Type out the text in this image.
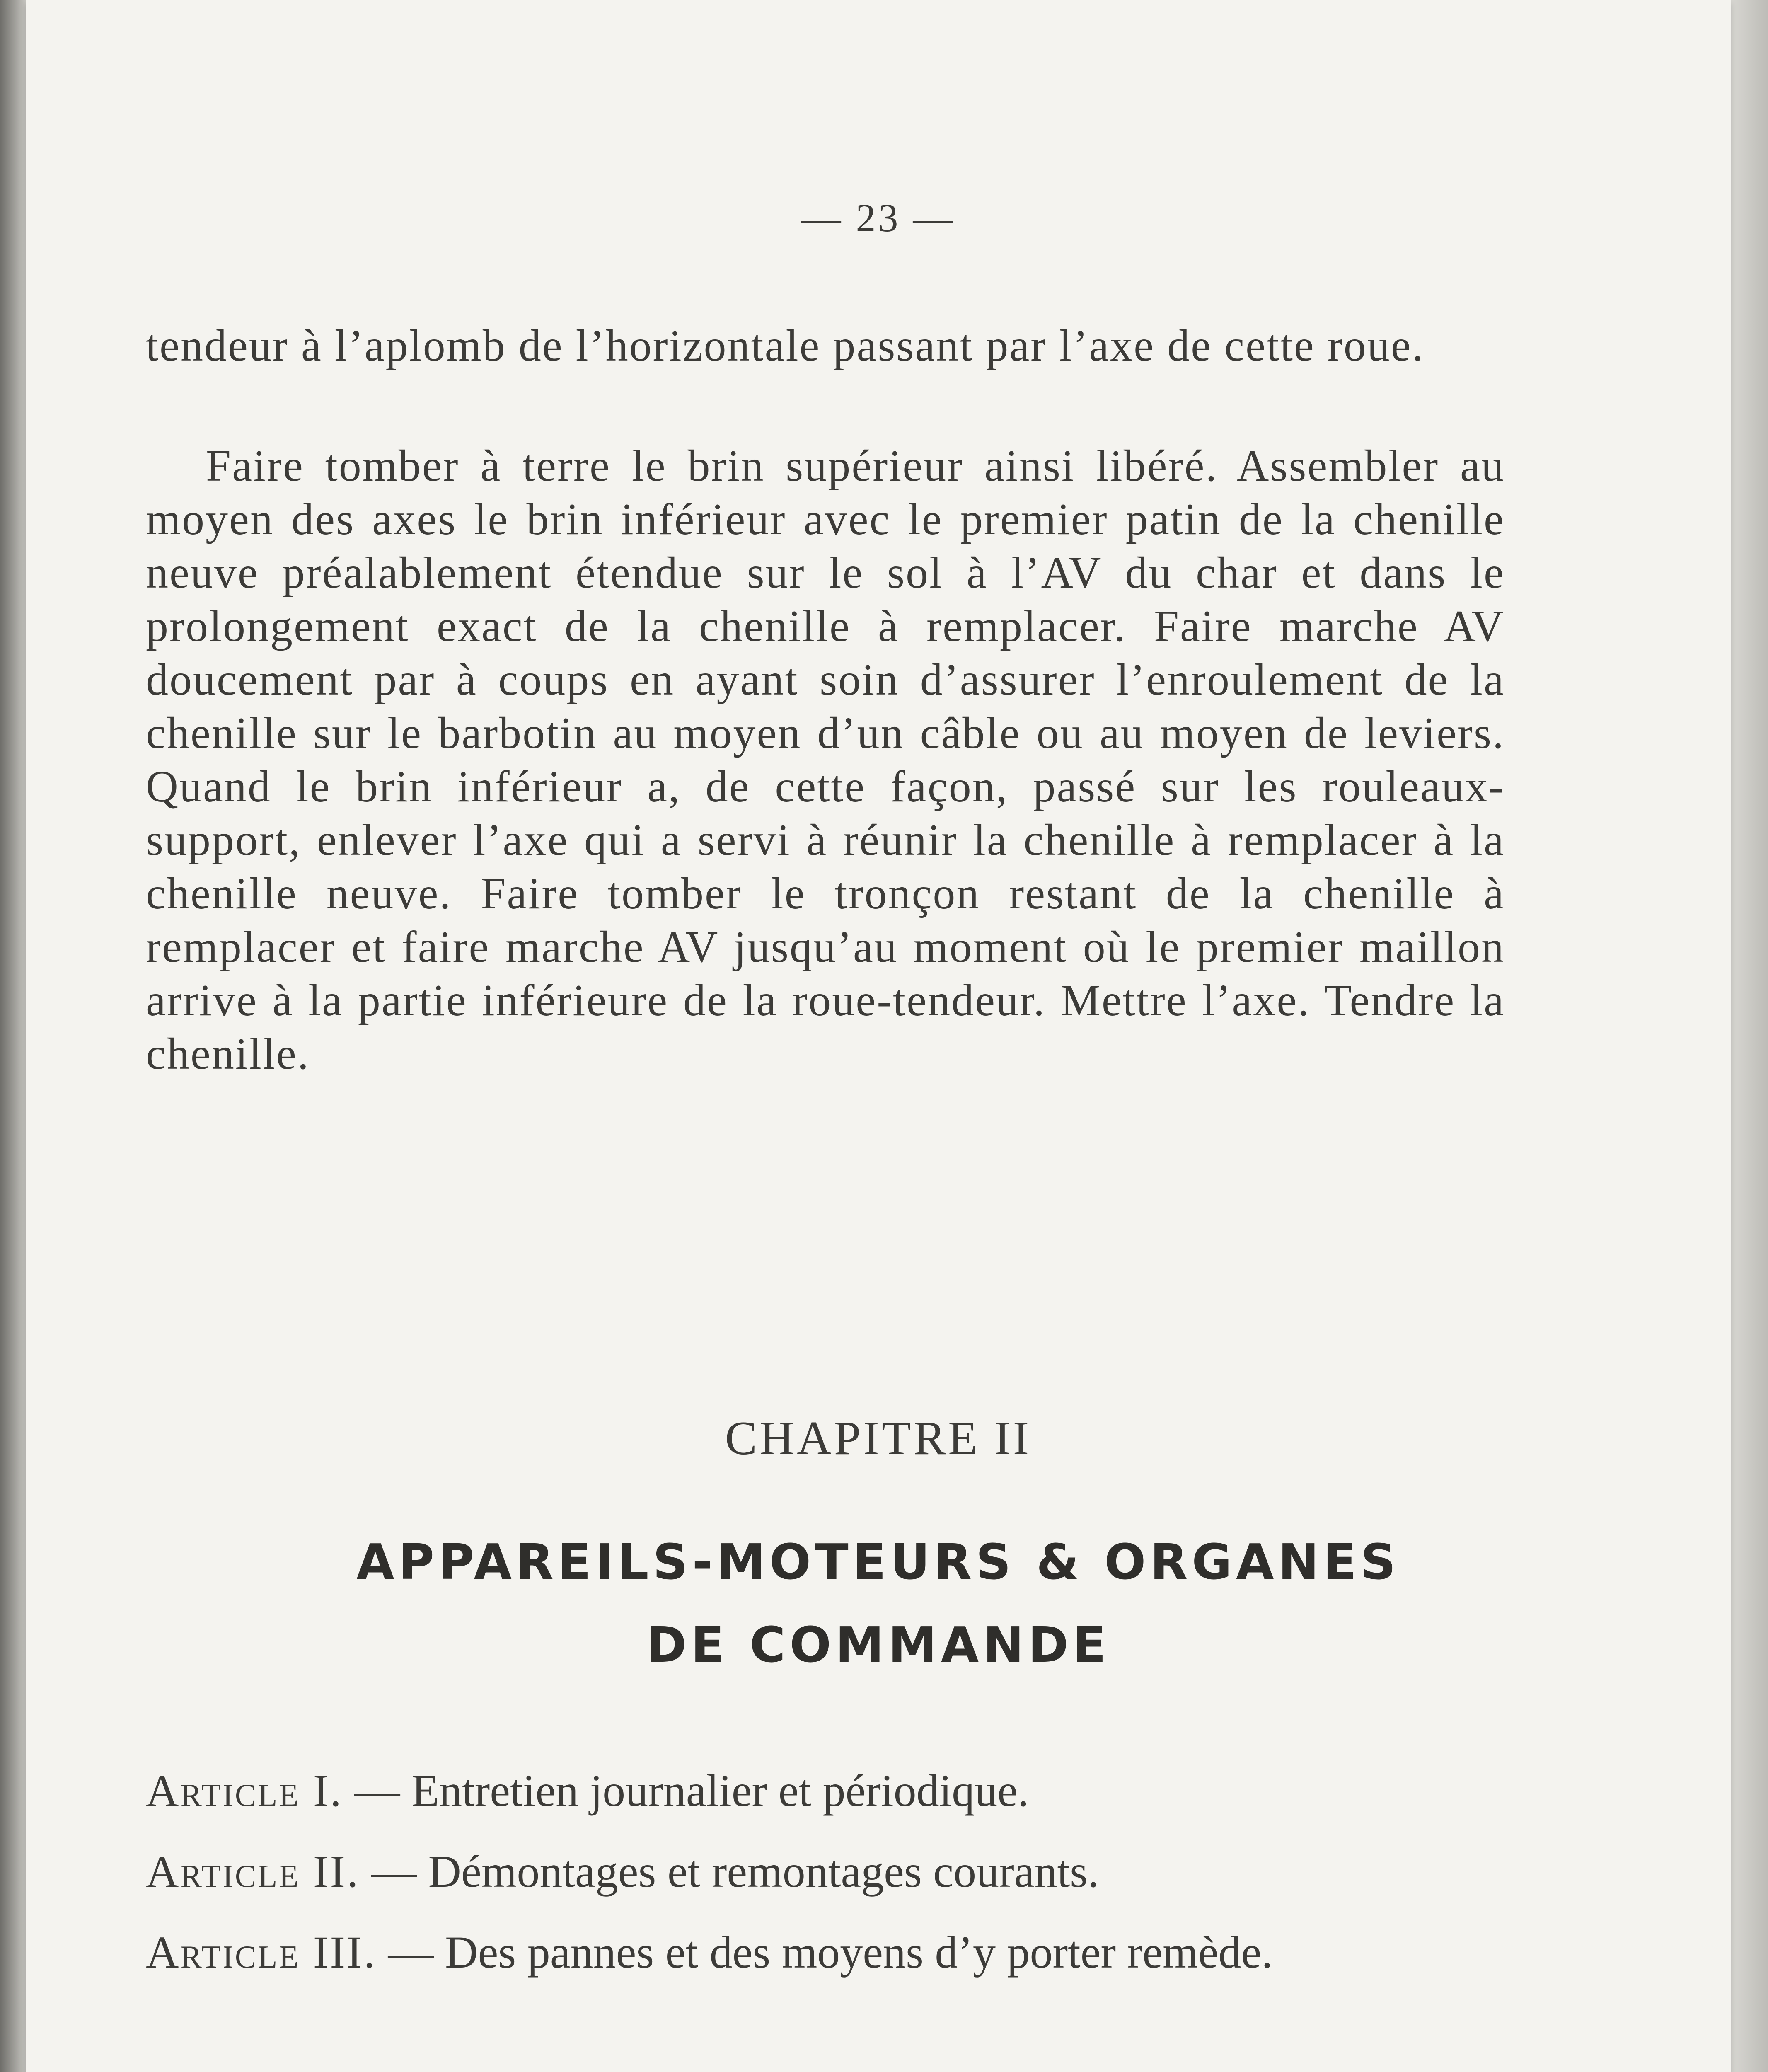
— 23 —

tendeur à l’aplomb de l’horizontale passant par l’axe de cette roue.

Faire tomber à terre le brin supérieur ainsi libéré. Assembler au moyen des axes le brin inférieur avec le premier patin de la chenille neuve préalablement étendue sur le sol à l’AV du char et dans le prolongement exact de la chenille à remplacer. Faire marche AV doucement par à coups en ayant soin d’assurer l’enroulement de la chenille sur le barbotin au moyen d’un câble ou au moyen de leviers. Quand le brin inférieur a, de cette façon, passé sur les rouleaux-support, enlever l’axe qui a servi à réunir la chenille à remplacer à la chenille neuve. Faire tomber le tronçon restant de la chenille à remplacer et faire marche AV jusqu’au moment où le premier maillon arrive à la partie inférieure de la roue-tendeur. Mettre l’axe. Tendre la chenille.

CHAPITRE II
APPAREILS-MOTEURS & ORGANES
DE COMMANDE
Article I. — Entretien journalier et périodique.
Article II. — Démontages et remontages courants.
Article III. — Des pannes et des moyens d’y porter remède.
